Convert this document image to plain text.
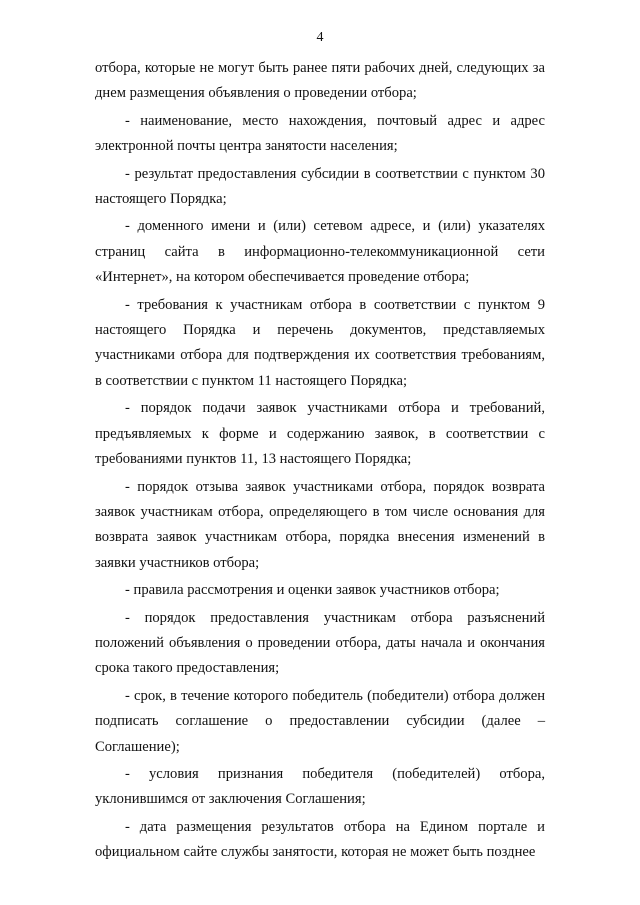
4

отбора, которые не могут быть ранее пяти рабочих дней, следующих за днем размещения объявления о проведении отбора;

- наименование, место нахождения, почтовый адрес и адрес электронной почты центра занятости населения;

- результат предоставления субсидии в соответствии с пунктом 30 настоящего Порядка;

- доменного имени и (или) сетевом адресе, и (или) указателях страниц сайта в информационно-телекоммуникационной сети «Интернет», на котором обеспечивается проведение отбора;

- требования к участникам отбора в соответствии с пунктом 9 настоящего Порядка и перечень документов, представляемых участниками отбора для подтверждения их соответствия требованиям, в соответствии с пунктом 11 настоящего Порядка;

- порядок подачи заявок участниками отбора и требований, предъявляемых к форме и содержанию заявок, в соответствии с требованиями пунктов 11, 13 настоящего Порядка;

- порядок отзыва заявок участниками отбора, порядок возврата заявок участникам отбора, определяющего в том числе основания для возврата заявок участникам отбора, порядка внесения изменений в заявки участников отбора;

- правила рассмотрения и оценки заявок участников отбора;

- порядок предоставления участникам отбора разъяснений положений объявления о проведении отбора, даты начала и окончания срока такого предоставления;

- срок, в течение которого победитель (победители) отбора должен подписать соглашение о предоставлении субсидии (далее – Соглашение);

- условия признания победителя (победителей) отбора, уклонившимся от заключения Соглашения;

- дата размещения результатов отбора на Едином портале и официальном сайте службы занятости, которая не может быть позднее
